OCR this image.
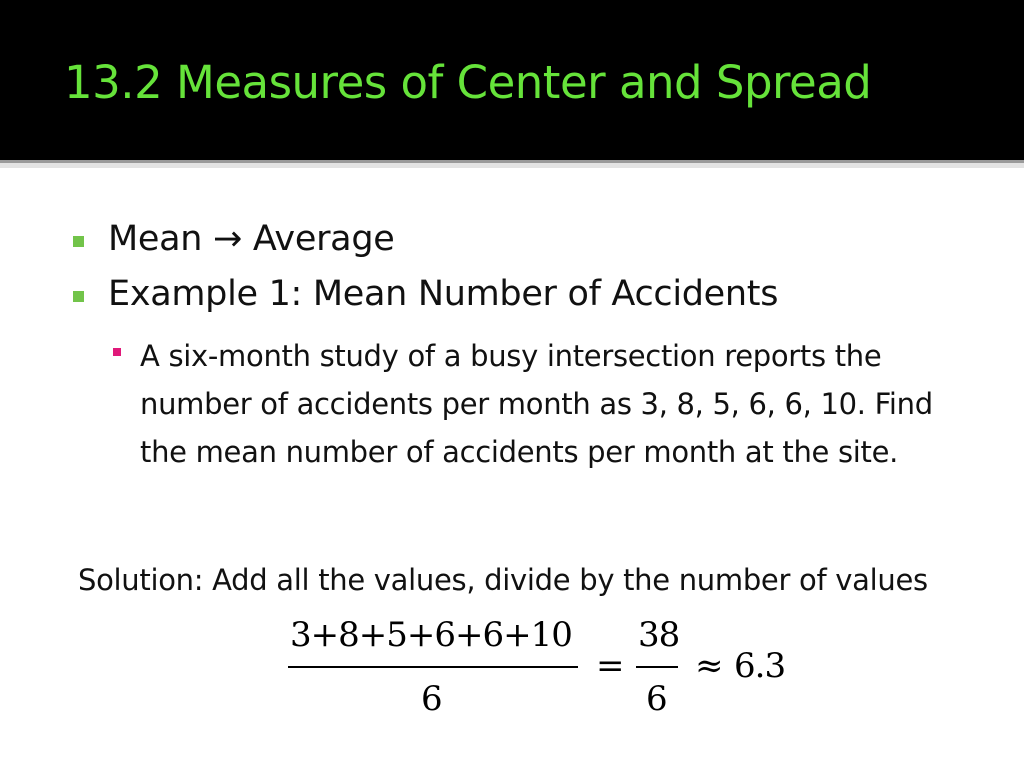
13.2 Measures of Center and Spread
Mean → Average
Example 1: Mean Number of Accidents
A six-month study of a busy intersection reports the number of accidents per month as 3, 8, 5, 6, 6, 10. Find the mean number of accidents per month at the site.
Solution: Add all the values, divide by the number of values
3+8+5+6+6+10
6
=
38
6
≈ 6.3
